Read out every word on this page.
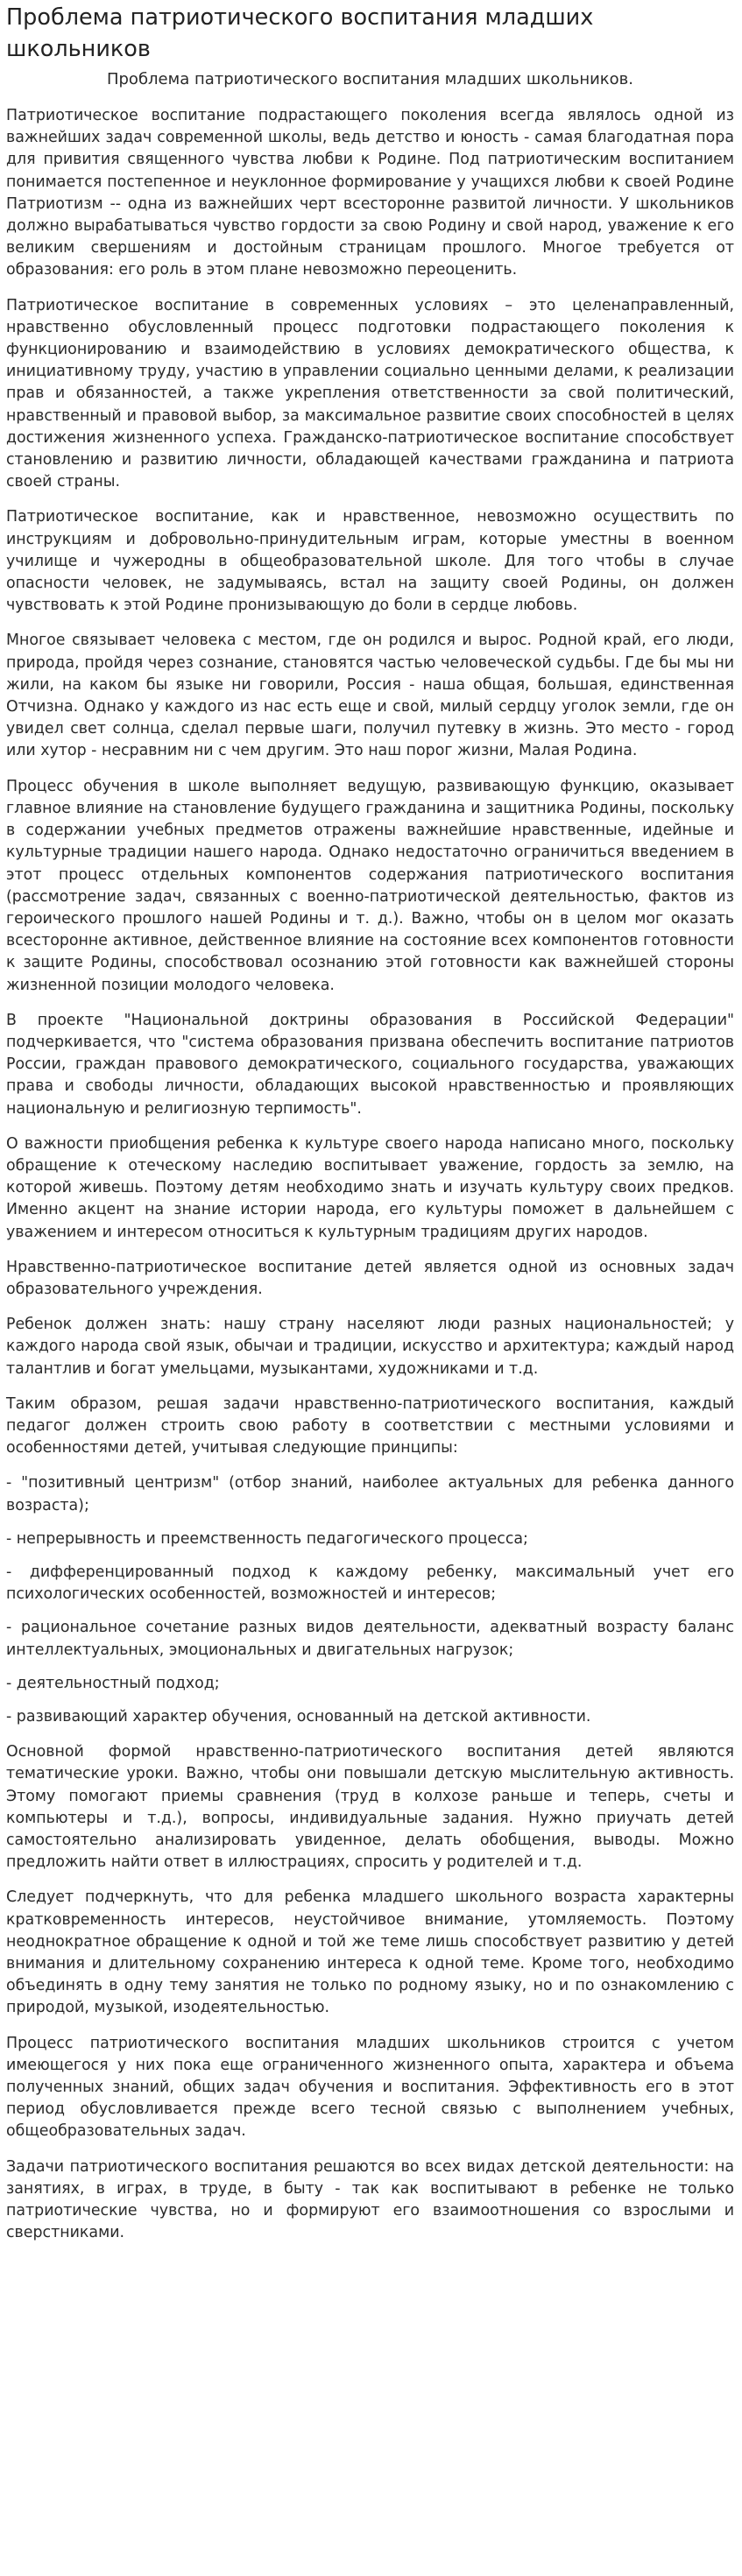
Проблема патриотического воспитания младших школьников
Проблема патриотического воспитания младших школьников.

Патриотическое воспитание подрастающего поколения всегда являлось одной из важнейших задач современной школы, ведь детство и юность - самая благодатная пора для привития священного чувства любви к Родине. Под патриотическим воспитанием понимается постепенное и неуклонное формирование у учащихся любви к своей Родине Патриотизм -- одна из важнейших черт всесторонне развитой личности. У школьников должно вырабатываться чувство гордости за свою Родину и свой народ, уважение к его великим свершениям и достойным страницам прошлого. Многое требуется от образования: его роль в этом плане невозможно переоценить.

Патриотическое воспитание в современных условиях – это целенаправленный, нравственно обусловленный процесс подготовки подрастающего поколения к функционированию и взаимодействию в условиях демократического общества, к инициативному труду, участию в управлении социально ценными делами, к реализации прав и обязанностей, а также укрепления ответственности за свой политический, нравственный и правовой выбор, за максимальное развитие своих способностей в целях достижения жизненного успеха. Гражданско-патриотическое воспитание способствует становлению и развитию личности, обладающей качествами гражданина и патриота своей страны.

Патриотическое воспитание, как и нравственное, невозможно осуществить по инструкциям и добровольно-принудительным играм, которые уместны в военном училище и чужеродны в общеобразовательной школе. Для того чтобы в случае опасности человек, не задумываясь, встал на защиту своей Родины, он должен чувствовать к этой Родине пронизывающую до боли в сердце любовь.

Многое связывает человека с местом, где он родился и вырос. Родной край, его люди, природа, пройдя через сознание, становятся частью человеческой судьбы. Где бы мы ни жили, на каком бы языке ни говорили, Россия - наша общая, большая, единственная Отчизна. Однако у каждого из нас есть еще и свой, милый сердцу уголок земли, где он увидел свет солнца, сделал первые шаги, получил путевку в жизнь. Это место - город или хутор - несравним ни с чем другим. Это наш порог жизни, Малая Родина.

Процесс обучения в школе выполняет ведущую, развивающую функцию, оказывает главное влияние на становление будущего гражданина и защитника Родины, поскольку в содержании учебных предметов отражены важнейшие нравственные, идейные и культурные традиции нашего народа. Однако недостаточно ограничиться введением в этот процесс отдельных компонентов содержания патриотического воспитания (рассмотрение задач, связанных с военно-патриотической деятельностью, фактов из героического прошлого нашей Родины и т. д.). Важно, чтобы он в целом мог оказать всесторонне активное, действенное влияние на состояние всех компонентов готовности к защите Родины, способствовал осознанию этой готовности как важнейшей стороны жизненной позиции молодого человека.

В проекте "Национальной доктрины образования в Российской Федерации" подчеркивается, что "система образования призвана обеспечить воспитание патриотов России, граждан правового демократического, социального государства, уважающих права и свободы личности, обладающих высокой нравственностью и проявляющих национальную и религиозную терпимость".

О важности приобщения ребенка к культуре своего народа написано много, поскольку обращение к отеческому наследию воспитывает уважение, гордость за землю, на которой живешь. Поэтому детям необходимо знать и изучать культуру своих предков. Именно акцент на знание истории народа, его культуры поможет в дальнейшем с уважением и интересом относиться к культурным традициям других народов.

Нравственно-патриотическое воспитание детей является одной из основных задач образовательного учреждения.

Ребенок должен знать: нашу страну населяют люди разных национальностей; у каждого народа свой язык, обычаи и традиции, искусство и архитектура; каждый народ талантлив и богат умельцами, музыкантами, художниками и т.д.

Таким образом, решая задачи нравственно-патриотического воспитания, каждый педагог должен строить свою работу в соответствии с местными условиями и особенностями детей, учитывая следующие принципы:

- "позитивный центризм" (отбор знаний, наиболее актуальных для ребенка данного возраста);

- непрерывность и преемственность педагогического процесса;

- дифференцированный подход к каждому ребенку, максимальный учет его психологических особенностей, возможностей и интересов;

- рациональное сочетание разных видов деятельности, адекватный возрасту баланс интеллектуальных, эмоциональных и двигательных нагрузок;

- деятельностный подход;

- развивающий характер обучения, основанный на детской активности.

Основной формой нравственно-патриотического воспитания детей являются тематические уроки. Важно, чтобы они повышали детскую мыслительную активность. Этому помогают приемы сравнения (труд в колхозе раньше и теперь, счеты и компьютеры и т.д.), вопросы, индивидуальные задания. Нужно приучать детей самостоятельно анализировать увиденное, делать обобщения, выводы. Можно предложить найти ответ в иллюстрациях, спросить у родителей и т.д.

Следует подчеркнуть, что для ребенка младшего школьного возраста характерны кратковременность интересов, неустойчивое внимание, утомляемость. Поэтому неоднократное обращение к одной и той же теме лишь способствует развитию у детей внимания и длительному сохранению интереса к одной теме. Кроме того, необходимо объединять в одну тему занятия не только по родному языку, но и по ознакомлению с природой, музыкой, изодеятельностью.

Процесс патриотического воспитания младших школьников строится с учетом имеющегося у них пока еще ограниченного жизненного опыта, характера и объема полученных знаний, общих задач обучения и воспитания. Эффективность его в этот период обусловливается прежде всего тесной связью с выполнением учебных, общеобразовательных задач.

Задачи патриотического воспитания решаются во всех видах детской деятельности: на занятиях, в играх, в труде, в быту - так как воспитывают в ребенке не только патриотические чувства, но и формируют его взаимоотношения со взрослыми и сверстниками.
